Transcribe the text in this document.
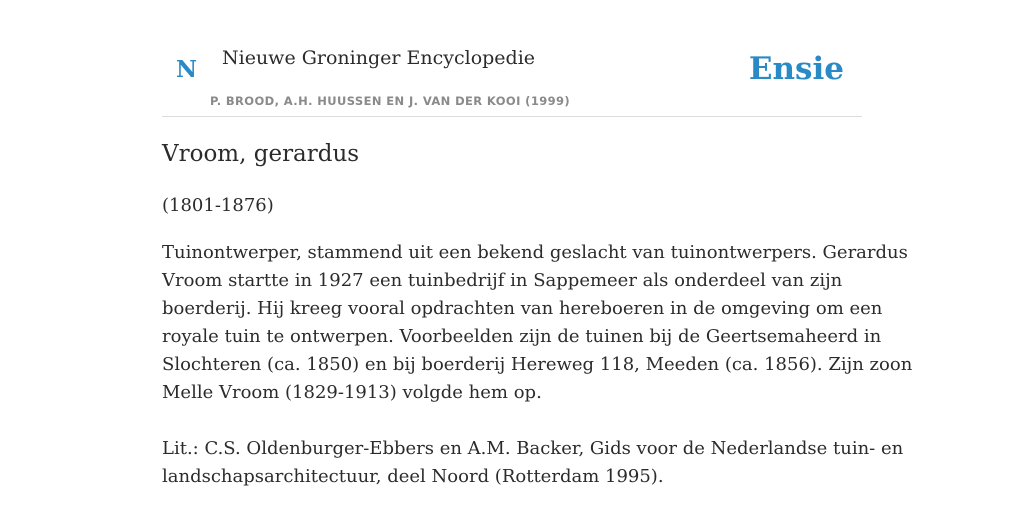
N Nieuwe Groninger Encyclopedie
P. BROOD, A.H. HUUSSEN EN J. VAN DER KOOI (1999)
Ensie
Vroom, gerardus
(1801-1876)

Tuinontwerper, stammend uit een bekend geslacht van tuinontwerpers. Gerardus
Vroom startte in 1927 een tuinbedrijf in Sappemeer als onderdeel van zijn
boerderij. Hij kreeg vooral opdrachten van hereboeren in de omgeving om een
royale tuin te ontwerpen. Voorbeelden zijn de tuinen bij de Geertsemaheerd in
Slochteren (ca. 1850) en bij boerderij Hereweg 118, Meeden (ca. 1856). Zijn zoon
Melle Vroom (1829-1913) volgde hem op.

Lit.: C.S. Oldenburger-Ebbers en A.M. Backer, Gids voor de Nederlandse tuin- en
landschapsarchitectuur, deel Noord (Rotterdam 1995).
